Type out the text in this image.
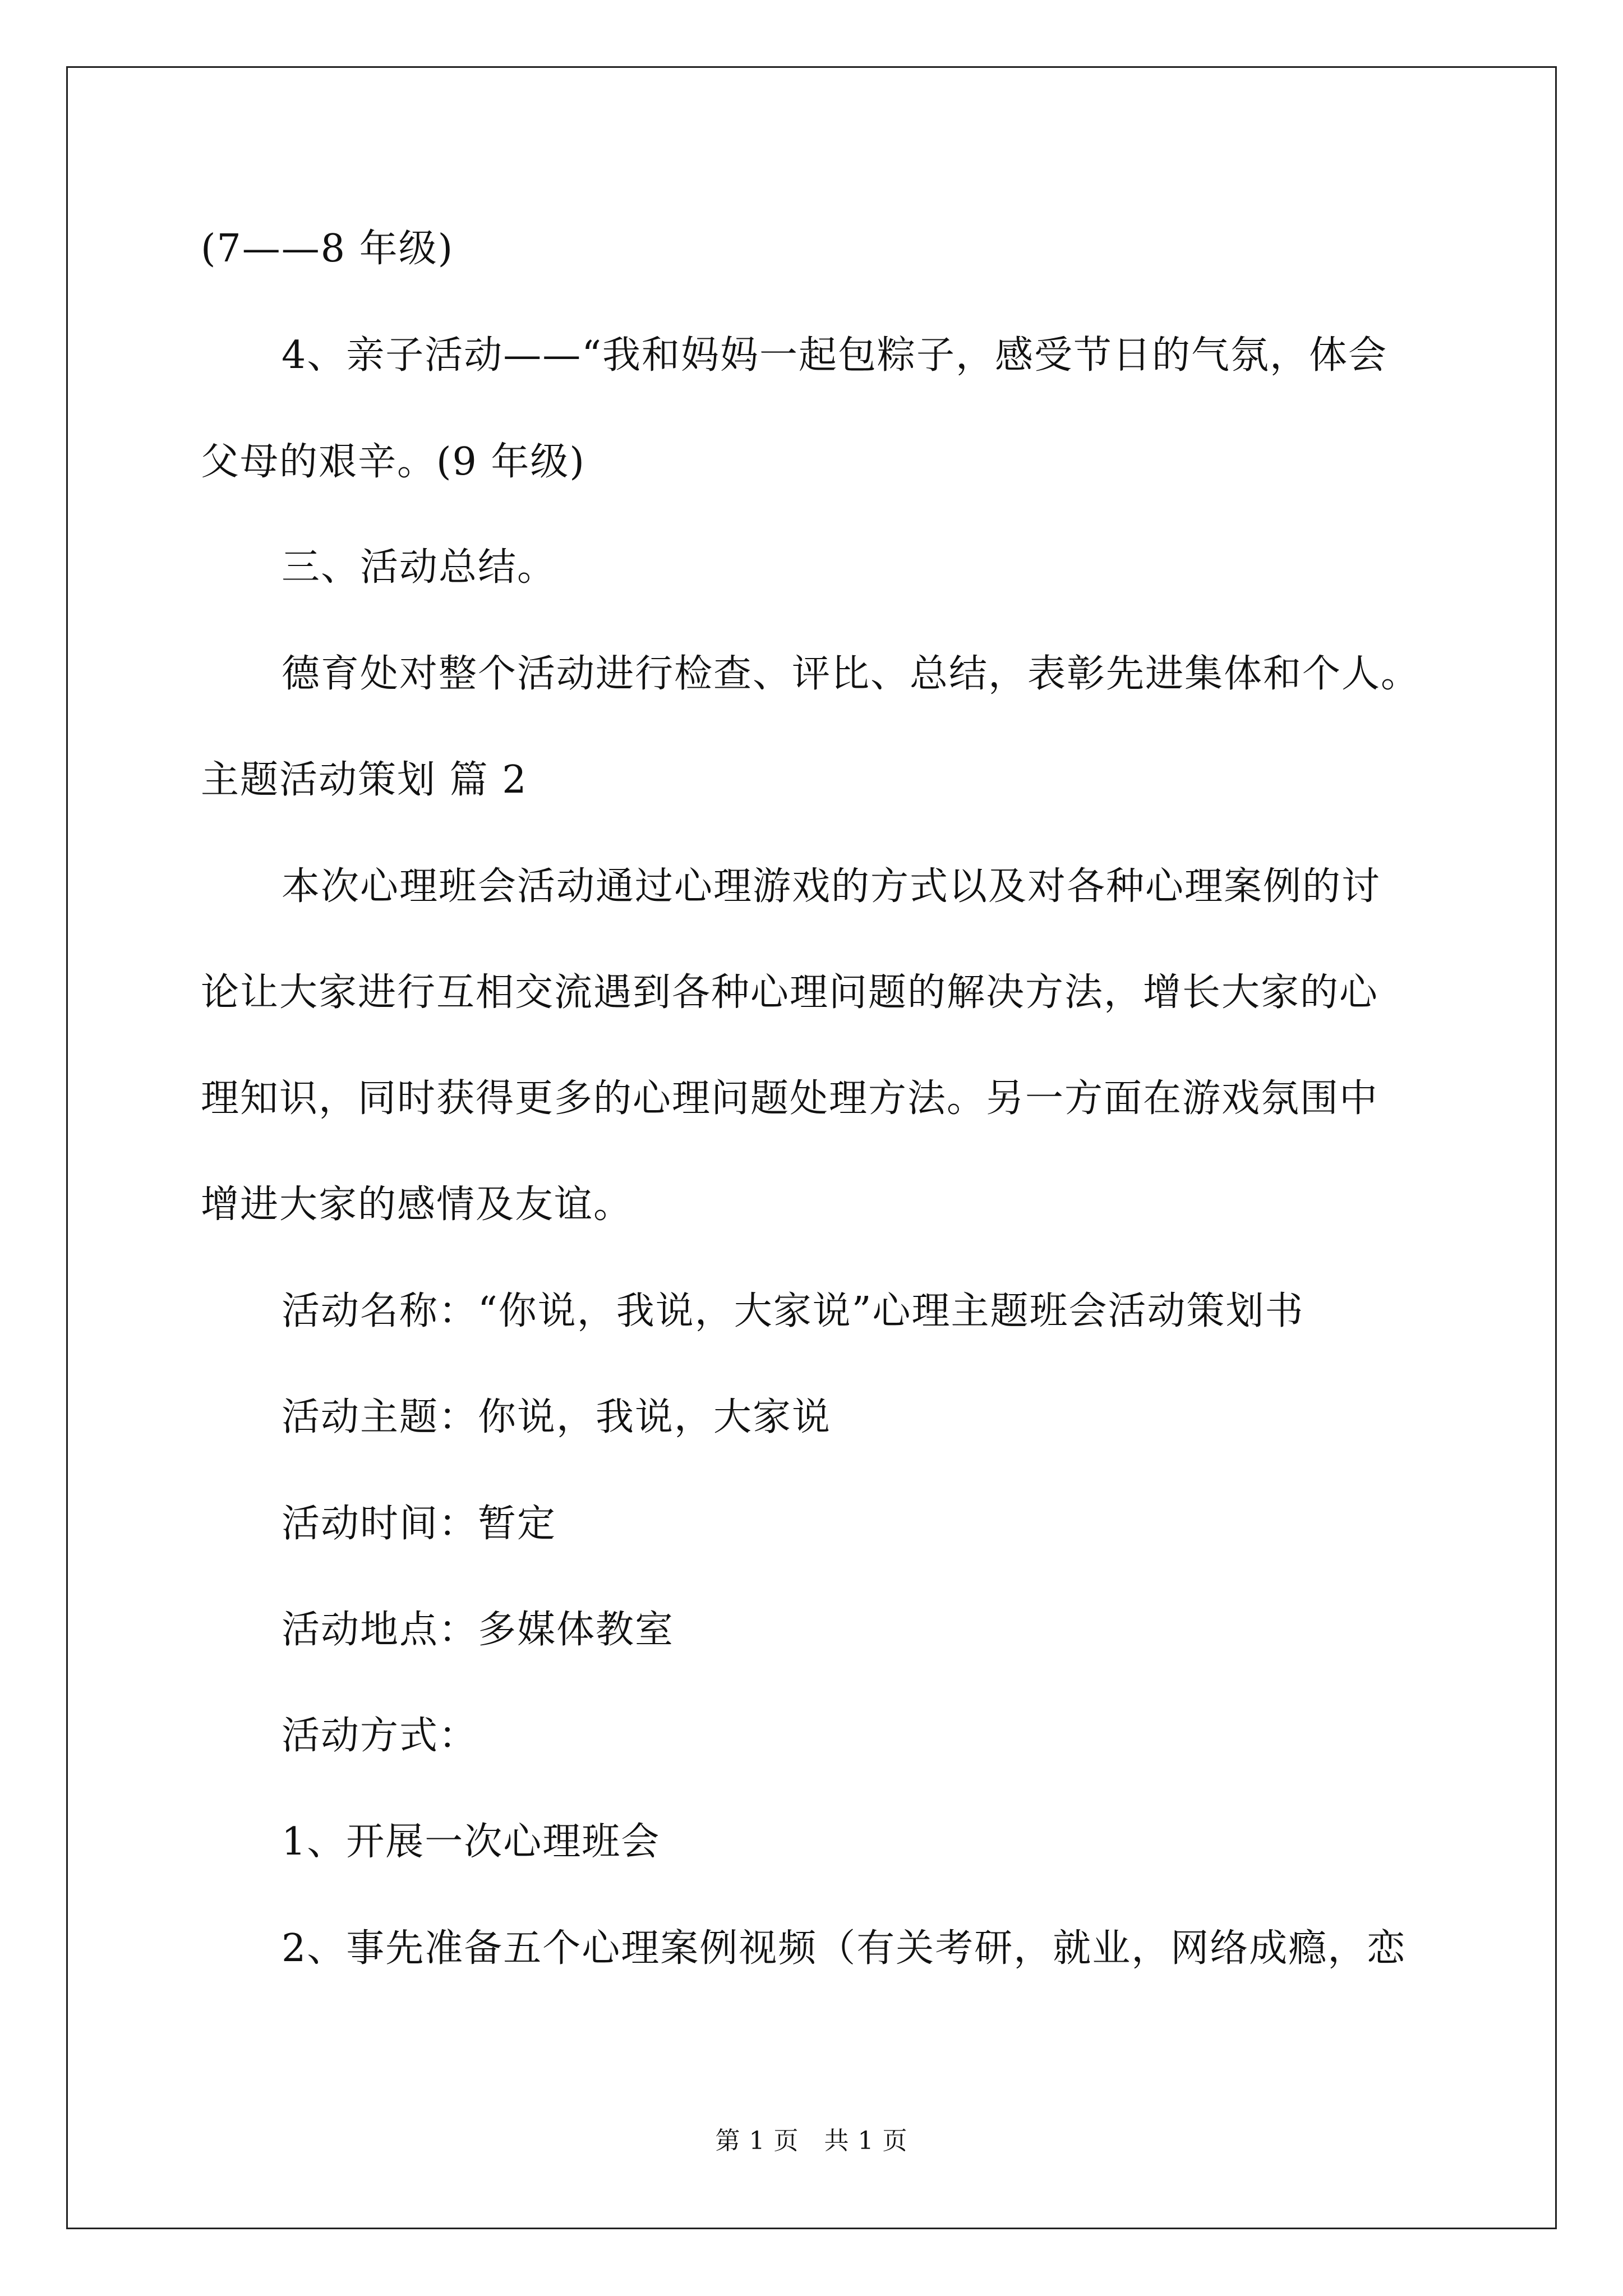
(7——8 年级)

4、亲子活动——“我和妈妈一起包粽子，感受节日的气氛，体会

父母的艰辛。(9 年级)

三、活动总结。

德育处对整个活动进行检查、评比、总结，表彰先进集体和个人。

主题活动策划 篇 2

本次心理班会活动通过心理游戏的方式以及对各种心理案例的讨

论让大家进行互相交流遇到各种心理问题的解决方法，增长大家的心

理知识，同时获得更多的心理问题处理方法。另一方面在游戏氛围中

增进大家的感情及友谊。

活动名称：“你说，我说，大家说”心理主题班会活动策划书

活动主题：你说，我说，大家说

活动时间：暂定

活动地点：多媒体教室

活动方式：

1、开展一次心理班会

2、事先准备五个心理案例视频（有关考研，就业，网络成瘾，恋

第 1 页　共 1 页
